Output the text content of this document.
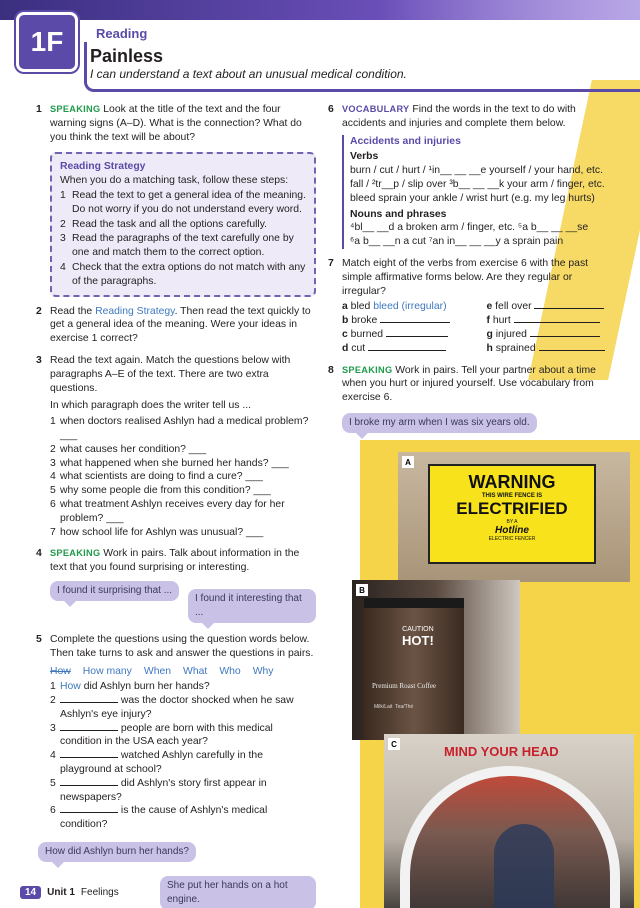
1F	Reading
Painless
I can understand a text about an unusual medical condition.
1 SPEAKING Look at the title of the text and the four warning signs (A–D). What is the connection? What do you think the text will be about?
Reading Strategy
When you do a matching task, follow these steps:
1 Read the text to get a general idea of the meaning. Do not worry if you do not understand every word.
2 Read the task and all the options carefully.
3 Read the paragraphs of the text carefully one by one and match them to the correct option.
4 Check that the extra options do not match with any of the paragraphs.
2 Read the Reading Strategy. Then read the text quickly to get a general idea of the meaning. Were your ideas in exercise 1 correct?
3 Read the text again. Match the questions below with paragraphs A–E of the text. There are two extra questions.
In which paragraph does the writer tell us ...
1 when doctors realised Ashlyn had a medical problem? ___
2 what causes her condition? ___
3 what happened when she burned her hands? ___
4 what scientists are doing to find a cure? ___
5 why some people die from this condition? ___
6 what treatment Ashlyn receives every day for her problem? ___
7 how school life for Ashlyn was unusual? ___
4 SPEAKING Work in pairs. Talk about information in the text that you found surprising or interesting.
I found it surprising that ...
I found it interesting that ...
5 Complete the questions using the question words below. Then take turns to ask and answer the questions in pairs.
How How many When What Who Why
1 How did Ashlyn burn her hands?
2	was the doctor shocked when he saw Ashlyn's eye injury?
3	people are born with this medical condition in the USA each year?
4	watched Ashlyn carefully in the playground at school?
5	did Ashlyn's story first appear in newspapers?
6	is the cause of Ashlyn's medical condition?
How did Ashlyn burn her hands?
She put her hands on a hot engine.
6 VOCABULARY Find the words in the text to do with accidents and injuries and complete them below.
Accidents and injuries
Verbs
burn / cut / hurt / ¹in__ __ __e yourself / your hand, etc.
fall / ²tr__p / slip over ³b__ __ __k your arm / finger, etc.
bleed sprain your ankle / wrist hurt (e.g. my leg hurts)
Nouns and phrases
⁴bl__ __d a broken arm / finger, etc. ⁵a b__ __ __se
⁶a b__ __n a cut ⁷an in__ __ __y a sprain pain
7 Match eight of the verbs from exercise 6 with the past simple affirmative forms below. Are they regular or irregular?
a bled bleed (irregular)
b broke
c burned
d cut
e fell over
f hurt
g injured
h sprained
8 SPEAKING Work in pairs. Tell your partner about a time when you hurt or injured yourself. Use vocabulary from exercise 6.
I broke my arm when I was six years old.
WARNING
THIS WIRE FENCE IS
ELECTRIFIED
BY A
Hotline
ELECTRIC FENCER
A
CAUTION
HOT!
Premium Roast Coffee
Milk/Lait Tea/Thé
B
MIND YOUR HEAD
C
14	Unit 1 Feelings
